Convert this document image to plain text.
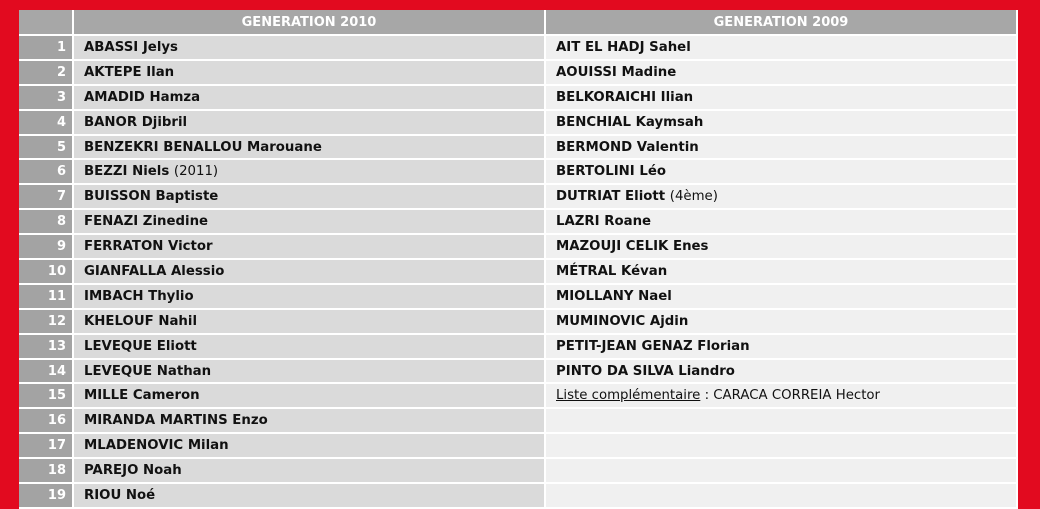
	GENERATION 2010	GENERATION 2009
1	ABASSI Jelys	AIT EL HADJ Sahel
2	AKTEPE Ilan	AOUISSI Madine
3	AMADID Hamza	BELKORAICHI Ilian
4	BANOR Djibril	BENCHIAL Kaymsah
5	BENZEKRI BENALLOU Marouane	BERMOND Valentin
6	BEZZI Niels (2011)	BERTOLINI Léo
7	BUISSON Baptiste	DUTRIAT Eliott (4ème)
8	FENAZI Zinedine	LAZRI Roane
9	FERRATON Victor	MAZOUJI CELIK Enes
10	GIANFALLA Alessio	MÉTRAL Kévan
11	IMBACH Thylio	MIOLLANY Nael
12	KHELOUF Nahil	MUMINOVIC Ajdin
13	LEVEQUE Eliott	PETIT-JEAN GENAZ Florian
14	LEVEQUE Nathan	PINTO DA SILVA Liandro
15	MILLE Cameron	Liste complémentaire : CARACA CORREIA Hector
16	MIRANDA MARTINS Enzo	
17	MLADENOVIC Milan	
18	PAREJO Noah	
19	RIOU Noé	
